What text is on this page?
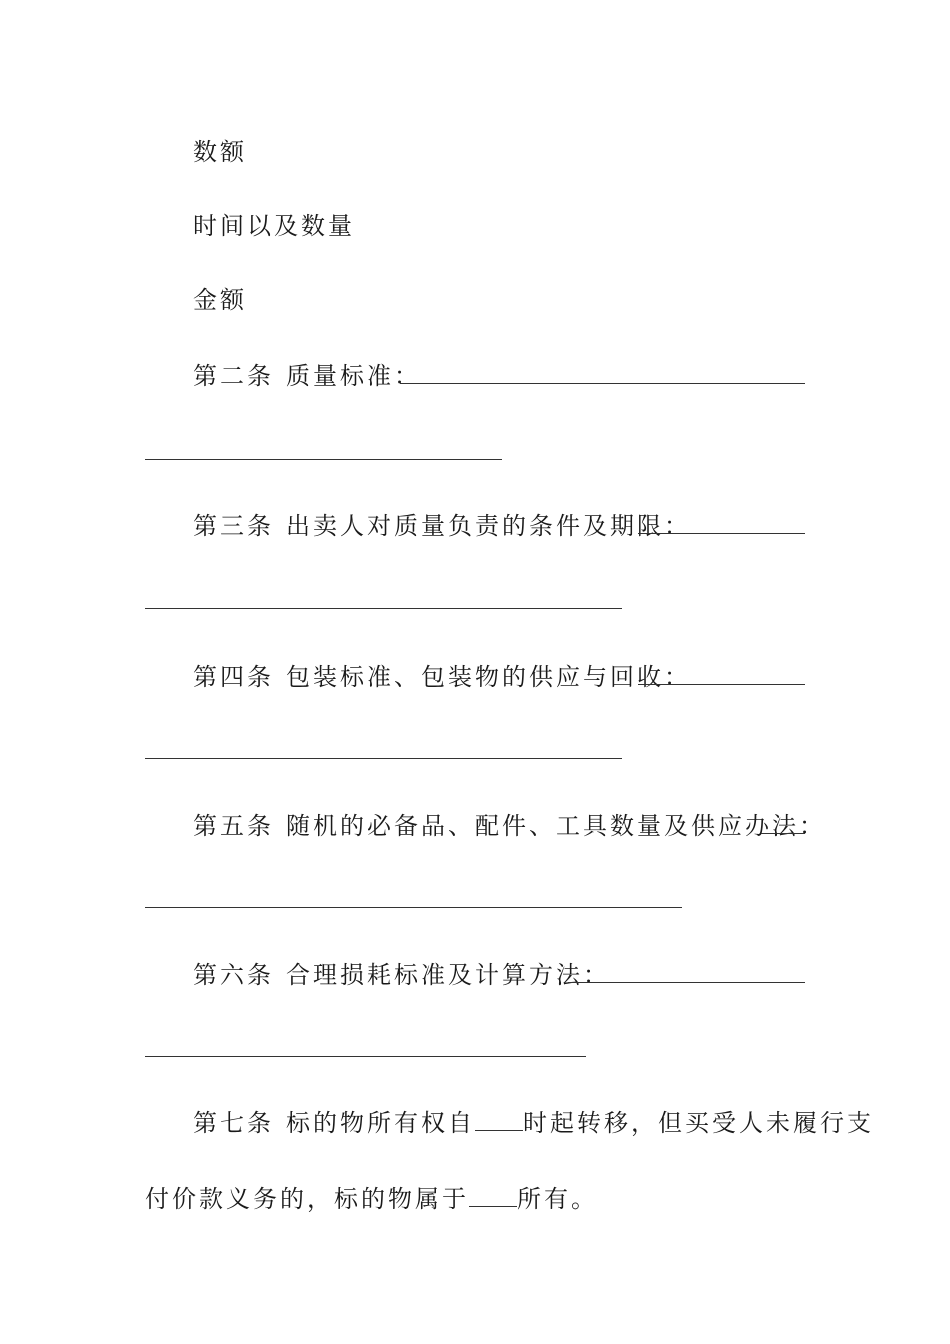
数额
时间以及数量
金额
第二条 质量标准：
第三条 出卖人对质量负责的条件及期限：
第四条 包装标准、包装物的供应与回收：
第五条 随机的必备品、配件、工具数量及供应办法：
第六条 合理损耗标准及计算方法：
第七条 标的物所有权自 时起转移，但买受人未履行支
付价款义务的，标的物属于 所有。
